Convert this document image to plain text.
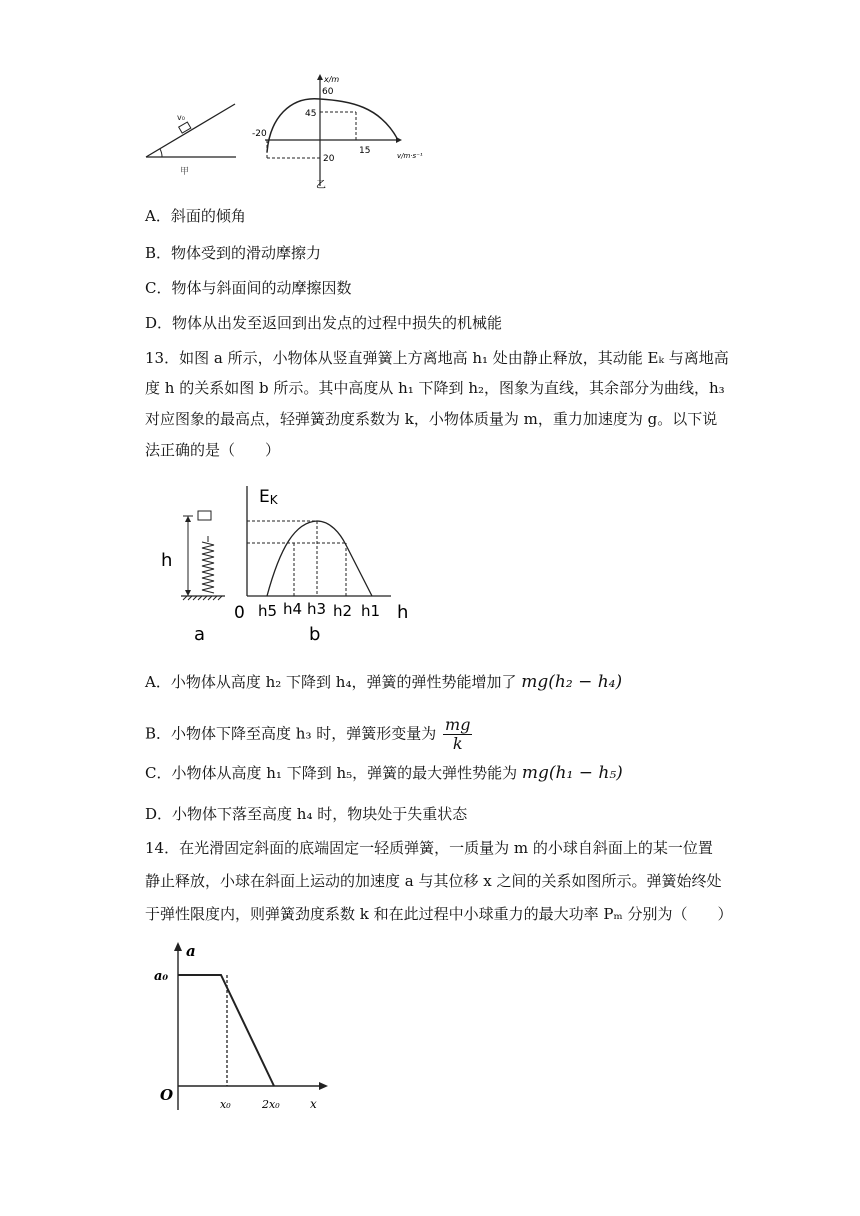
v₀
甲
x/m
v/m·s⁻¹
60
45
-20
15
20
乙
A．斜面的倾角
B．物体受到的滑动摩擦力
C．物体与斜面间的动摩擦因数
D．物体从出发至返回到出发点的过程中损失的机械能
13．如图 a 所示，小物体从竖直弹簧上方离地高 h₁ 处由静止释放，其动能 Eₖ 与离地高
度 h 的关系如图 b 所示。其中高度从 h₁ 下降到 h₂，图象为直线，其余部分为曲线，h₃
对应图象的最高点，轻弹簧劲度系数为 k，小物体质量为 m，重力加速度为 g。以下说
法正确的是（　　）
h
a
EK
h
0 h5 h4 h3 h2 h1
b
A．小物体从高度 h₂ 下降到 h₄，弹簧的弹性势能增加了 mg(h₂ − h₄)
B．小物体下降至高度 h₃ 时，弹簧形变量为 $\frac{mg}{k}$
C．小物体从高度 h₁ 下降到 h₅，弹簧的最大弹性势能为 mg(h₁ − h₅)
D．小物体下落至高度 h₄ 时，物块处于失重状态
14．在光滑固定斜面的底端固定一轻质弹簧，一质量为 m 的小球自斜面上的某一位置
静止释放，小球在斜面上运动的加速度 a 与其位移 x 之间的关系如图所示。弹簧始终处
于弹性限度内，则弹簧劲度系数 k 和在此过程中小球重力的最大功率 Pₘ 分别为（　　）
a
a₀
O
x₀	2x₀	x
